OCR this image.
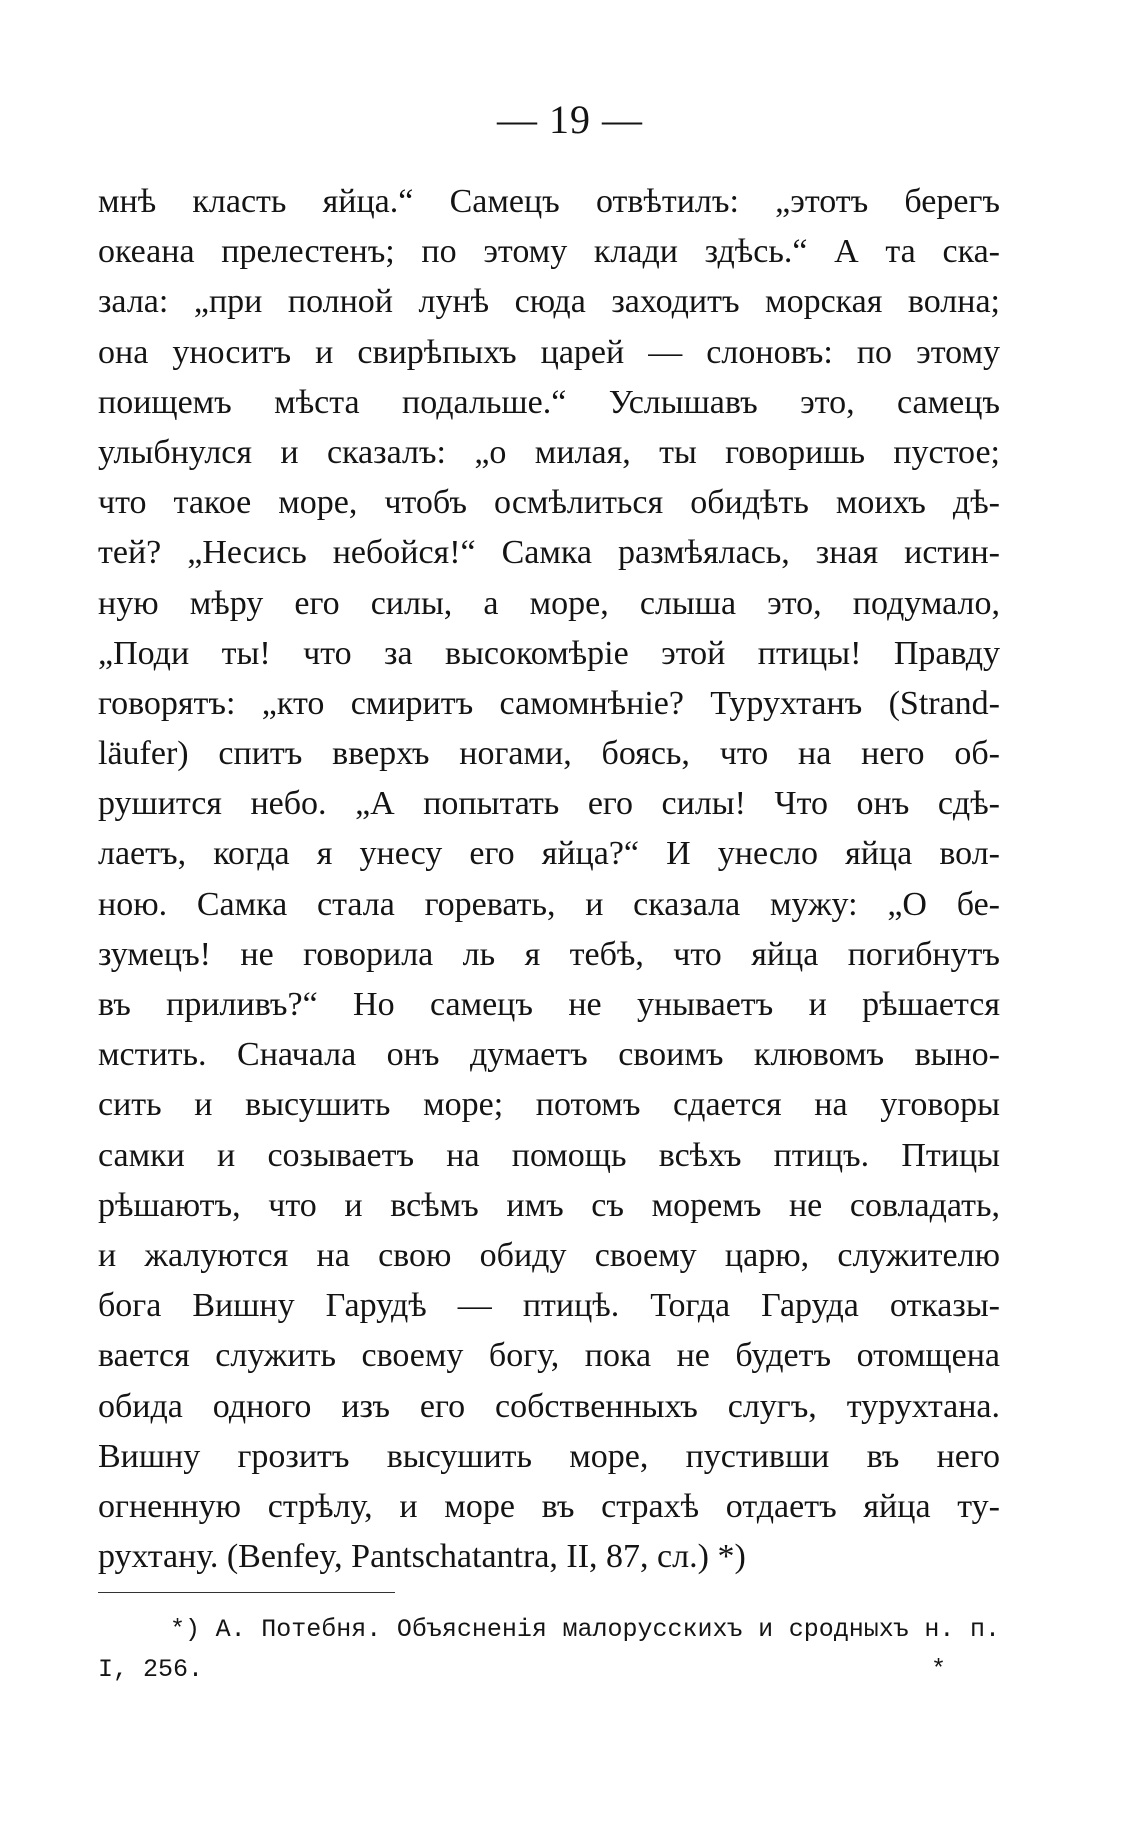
— 19 —
мнѣ класть яйца.“ Самецъ отвѣтилъ: „этотъ берегъ
океана прелестенъ; по этому клади здѣсь.“ А та ска-
зала: „при полной лунѣ сюда заходитъ морская волна;
она уноситъ и свирѣпыхъ царей — слоновъ: по этому
поищемъ мѣста подальше.“ Услышавъ это, самецъ
улыбнулся и сказалъ: „о милая, ты говоришь пустое;
что такое море, чтобъ осмѣлиться обидѣть моихъ дѣ-
тей? „Несись небойся!“ Самка размѣялась, зная истин-
ную мѣру его силы, а море, слыша это, подумало,
„Поди ты! что за высокомѣріе этой птицы! Правду
говорятъ: „кто смиритъ самомнѣніе? Турухтанъ (Strand-
läufer) спитъ вверхъ ногами, боясь, что на него об-
рушится небо. „А попытать его силы! Что онъ сдѣ-
лаетъ, когда я унесу его яйца?“ И унесло яйца вол-
ною. Самка стала горевать, и сказала мужу: „О бе-
зумецъ! не говорила ль я тебѣ, что яйца погибнутъ
въ приливъ?“ Но самецъ не унываетъ и рѣшается
мстить. Сначала онъ думаетъ своимъ клювомъ выно-
сить и высушить море; потомъ сдается на уговоры
самки и созываетъ на помощь всѣхъ птицъ. Птицы
рѣшаютъ, что и всѣмъ имъ съ моремъ не совладать,
и жалуются на свою обиду своему царю, служителю
бога Вишну Гарудѣ — птицѣ. Тогда Гаруда отказы-
вается служить своему богу, пока не будетъ отомщена
обида одного изъ его собственныхъ слугъ, турухтана.
Вишну грозитъ высушить море, пустивши въ него
огненную стрѣлу, и море въ страхѣ отдаетъ яйца ту-
рухтану. (Benfey, Pantschatantra, II, 87, сл.) *)
*) А. Потебня. Объясненія малорусскихъ и сродныхъ н. п.
I, 256.	*
